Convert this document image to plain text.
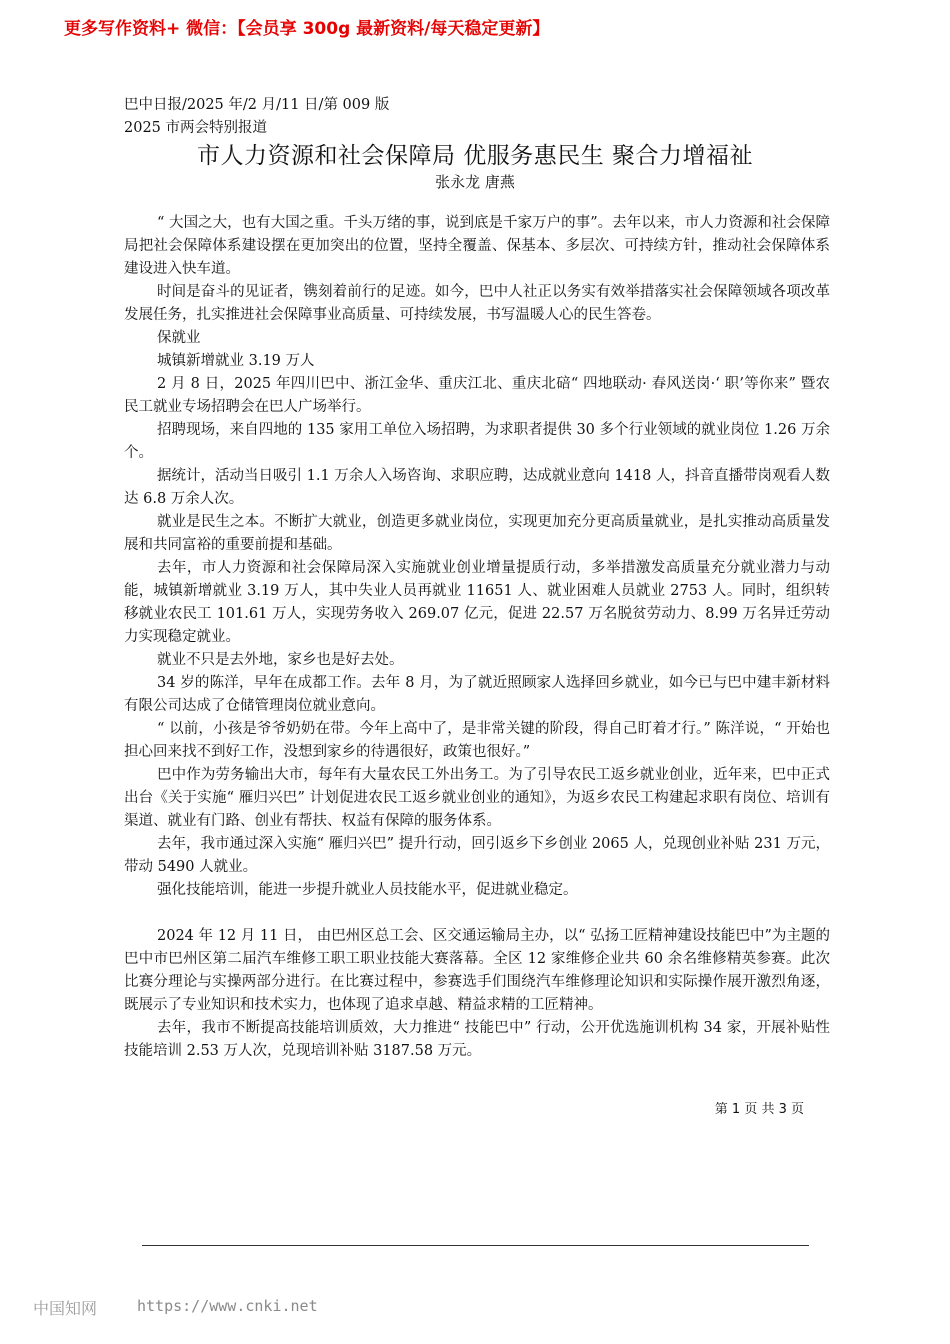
更多写作资料+ 微信：【会员享 300g 最新资料/每天稳定更新】
巴中日报/2025 年/2 月/11 日/第 009 版 2025 市两会特别报道
市人力资源和社会保障局 优服务惠民生 聚合力增福祉
张永龙 唐燕

“ 大国之大，也有大国之重。千头万绪的事，说到底是千家万户的事”。去年以来，市人力资源和社会保障局把社会保障体系建设摆在更加突出的位置，坚持全覆盖、保基本、多层次、可持续方针，推动社会保障体系建设进入快车道。

时间是奋斗的见证者，镌刻着前行的足迹。如今，巴中人社正以务实有效举措落实社会保障领域各项改革发展任务，扎实推进社会保障事业高质量、可持续发展，书写温暖人心的民生答卷。

保就业

城镇新增就业 3.19 万人

2 月 8 日，2025 年四川巴中、浙江金华、重庆江北、重庆北碚“ 四地联动· 春风送岗·‘ 职’等你来” 暨农民工就业专场招聘会在巴人广场举行。

招聘现场，来自四地的 135 家用工单位入场招聘，为求职者提供 30 多个行业领域的就业岗位 1.26 万余个。

据统计，活动当日吸引 1.1 万余人入场咨询、求职应聘，达成就业意向 1418 人，抖音直播带岗观看人数达 6.8 万余人次。

就业是民生之本。不断扩大就业，创造更多就业岗位，实现更加充分更高质量就业，是扎实推动高质量发展和共同富裕的重要前提和基础。

去年，市人力资源和社会保障局深入实施就业创业增量提质行动，多举措激发高质量充分就业潜力与动能，城镇新增就业 3.19 万人，其中失业人员再就业 11651 人、就业困难人员就业 2753 人。同时，组织转移就业农民工 101.61 万人，实现劳务收入 269.07 亿元，促进 22.57 万名脱贫劳动力、8.99 万名异迁劳动力实现稳定就业。

就业不只是去外地，家乡也是好去处。

34 岁的陈洋，早年在成都工作。去年 8 月，为了就近照顾家人选择回乡就业，如今已与巴中建丰新材料有限公司达成了仓储管理岗位就业意向。

“ 以前，小孩是爷爷奶奶在带。今年上高中了，是非常关键的阶段，得自己盯着才行。” 陈洋说，“ 开始也担心回来找不到好工作，没想到家乡的待遇很好，政策也很好。”

巴中作为劳务输出大市，每年有大量农民工外出务工。为了引导农民工返乡就业创业，近年来，巴中正式出台《关于实施“ 雁归兴巴” 计划促进农民工返乡就业创业的通知》，为返乡农民工构建起求职有岗位、培训有渠道、就业有门路、创业有帮扶、权益有保障的服务体系。

去年，我市通过深入实施“ 雁归兴巴” 提升行动，回引返乡下乡创业 2065 人，兑现创业补贴 231 万元，带动 5490 人就业。

强化技能培训，能进一步提升就业人员技能水平，促进就业稳定。

2024 年 12 月 11 日， 由巴州区总工会、区交通运输局主办，以“ 弘扬工匠精神建设技能巴中”为主题的巴中市巴州区第二届汽车维修工职工职业技能大赛落幕。全区 12 家维修企业共 60 余名维修精英参赛。此次比赛分理论与实操两部分进行。在比赛过程中，参赛选手们围绕汽车维修理论知识和实际操作展开激烈角逐，既展示了专业知识和技术实力，也体现了追求卓越、精益求精的工匠精神。

去年，我市不断提高技能培训质效，大力推进“ 技能巴中” 行动，公开优选施训机构 34 家，开展补贴性技能培训 2.53 万人次，兑现培训补贴 3187.58 万元。

第 1 页 共 3 页
中国知网	https://www.cnki.net
